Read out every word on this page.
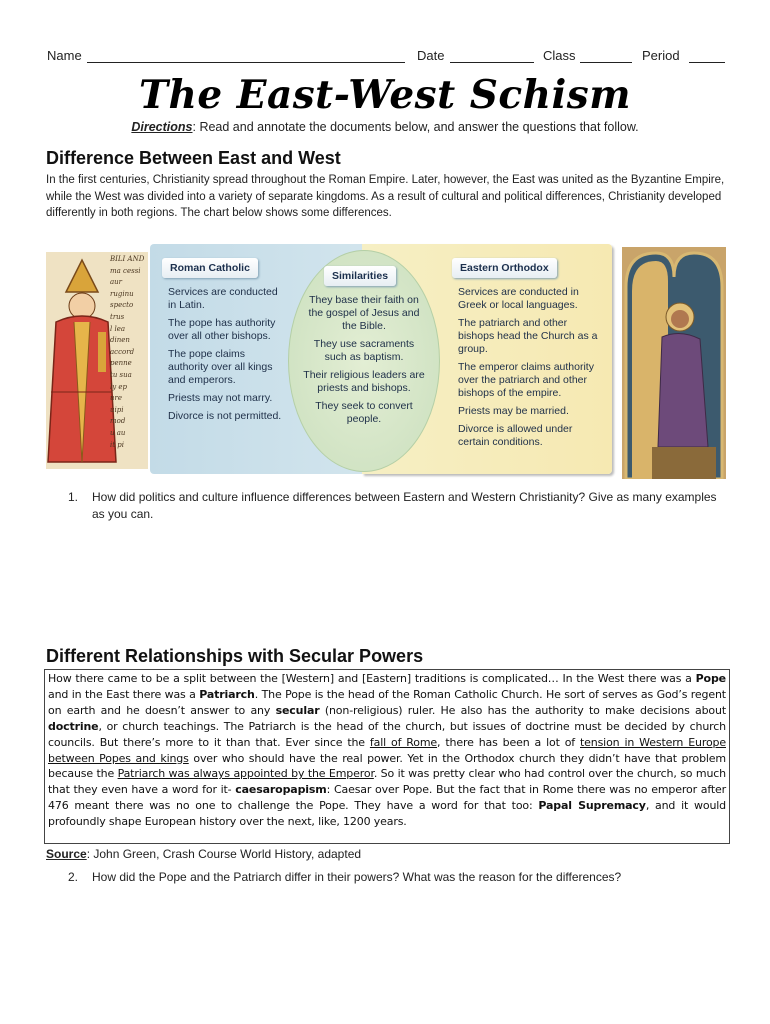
Name	Date	Class	Period
The East-West Schism
Directions: Read and annotate the documents below, and answer the questions that follow.
Difference Between East and West
In the first centuries, Christianity spread throughout the Roman Empire. Later, however, the East was united as the Byzantine Empire, while the West was divided into a variety of separate kingdoms. As a result of cultural and political differences, Christianity developed differently in both regions. The chart below shows some differences.
BILI AND
ma cessi aur
ruginu
specto
trus
l lea
dinen
accord
penne
tu sua
ly ep
ure
uipi
mod
u au
it pi
Roman Catholic
Similarities
Eastern Orthodox
Services are conducted in Latin.
The pope has authority over all other bishops.
The pope claims authority over all kings and emperors.
Priests may not marry.
Divorce is not permitted.
They base their faith on the gospel of Jesus and the Bible.
They use sacraments such as baptism.
Their religious leaders are priests and bishops.
They seek to convert people.
Services are conducted in Greek or local languages.
The patriarch and other bishops head the Church as a group.
The emperor claims authority over the patriarch and other bishops of the empire.
Priests may be married.
Divorce is allowed under certain conditions.
1. How did politics and culture influence differences between Eastern and Western Christianity? Give as many examples as you can.
Different Relationships with Secular Powers
How there came to be a split between the [Western] and [Eastern] traditions is complicated… In the West there was a Pope and in the East there was a Patriarch. The Pope is the head of the Roman Catholic Church. He sort of serves as God’s regent on earth and he doesn’t answer to any secular (non-religious) ruler. He also has the authority to make decisions about doctrine, or church teachings. The Patriarch is the head of the church, but issues of doctrine must be decided by church councils. But there’s more to it than that. Ever since the fall of Rome, there has been a lot of tension in Western Europe between Popes and kings over who should have the real power. Yet in the Orthodox church they didn’t have that problem because the Patriarch was always appointed by the Emperor. So it was pretty clear who had control over the church, so much that they even have a word for it- caesaropapism: Caesar over Pope. But the fact that in Rome there was no emperor after 476 meant there was no one to challenge the Pope. They have a word for that too: Papal Supremacy, and it would profoundly shape European history over the next, like, 1200 years.
Source: John Green, Crash Course World History, adapted
2. How did the Pope and the Patriarch differ in their powers? What was the reason for the differences?
